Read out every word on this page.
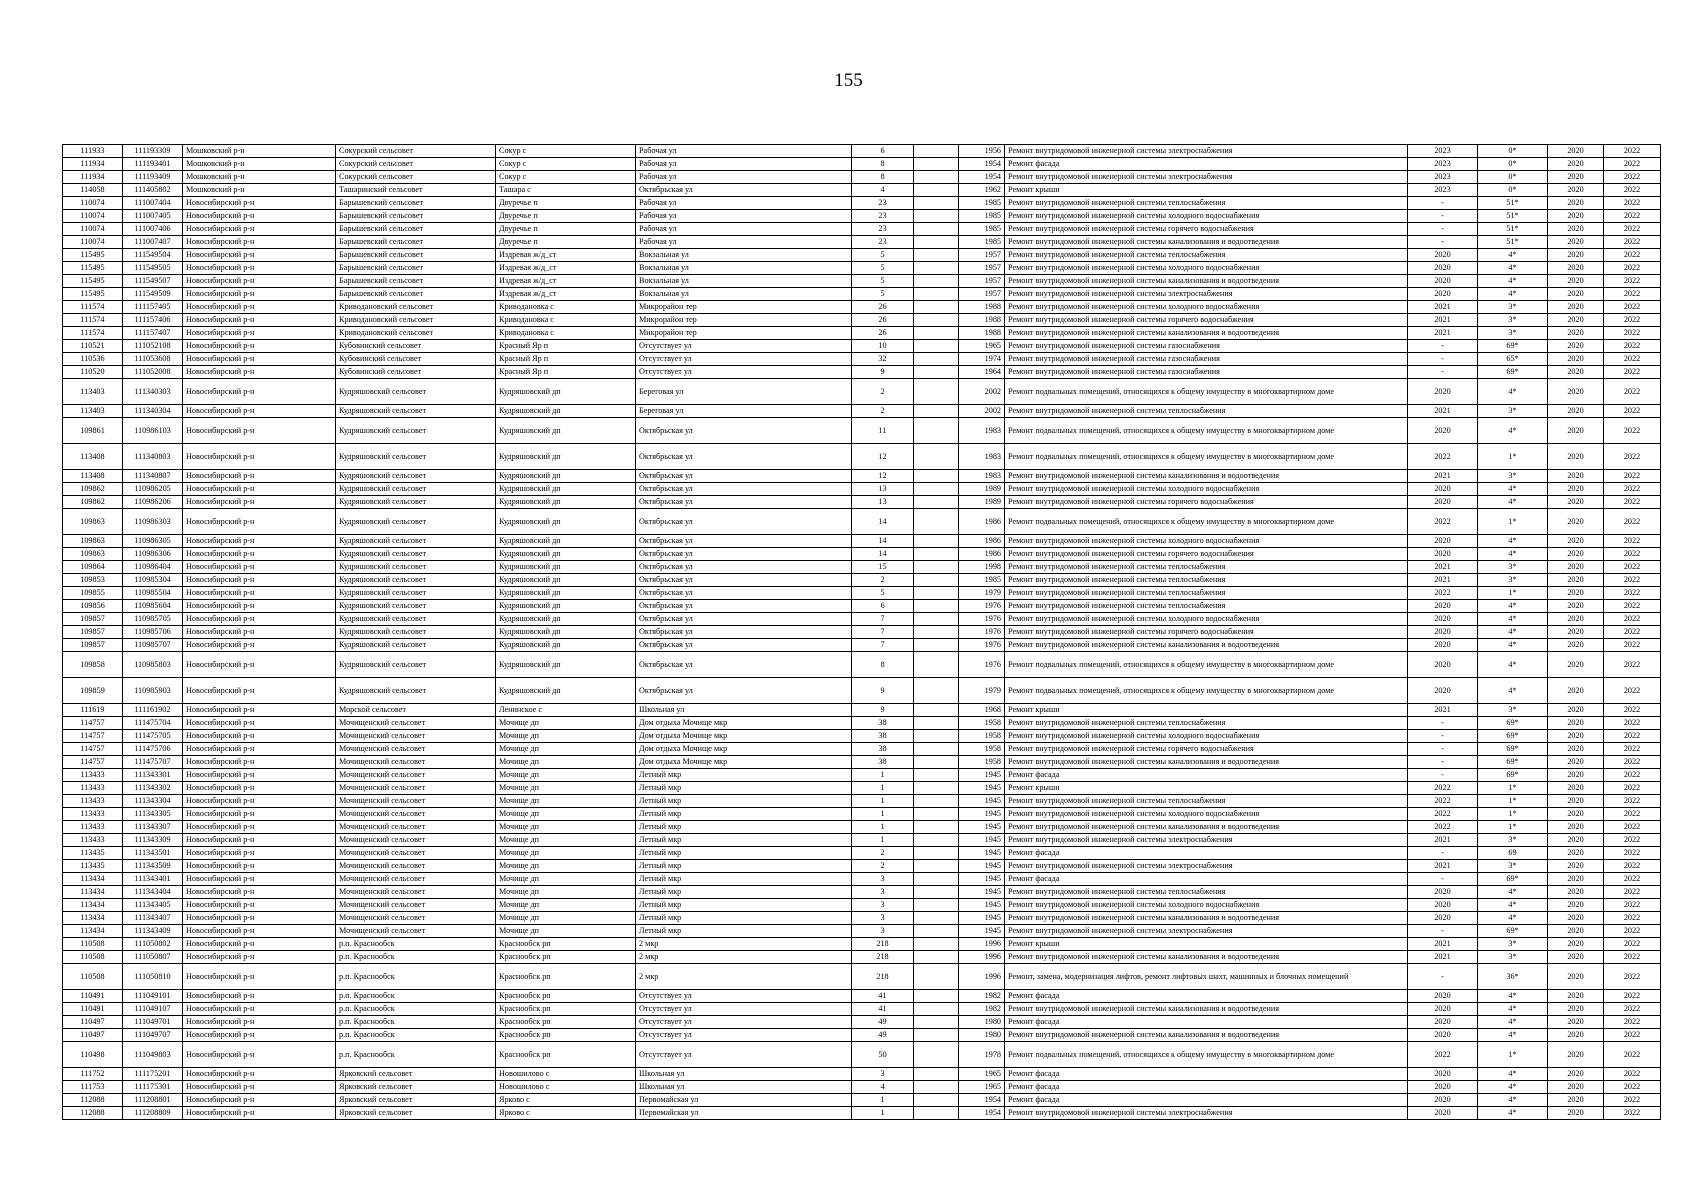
155
111933	111193309	Мошковский р-н	Сокурский сельсовет	Сокур с	Рабочая ул	6		1956	Ремонт внутридомовой инженерной системы электроснабжения	2023	0*	2020	2022
111934	111193401	Мошковский р-н	Сокурский сельсовет	Сокур с	Рабочая ул	8		1954	Ремонт фасада	2023	0*	2020	2022
111934	111193409	Мошковский р-н	Сокурский сельсовет	Сокур с	Рабочая ул	8		1954	Ремонт внутридомовой инженерной системы электроснабжения	2023	0*	2020	2022
114058	111405802	Мошковский р-н	Ташаринский сельсовет	Ташара с	Октябрьская ул	4		1962	Ремонт крыши	2023	0*	2020	2022
110074	111007404	Новосибирский р-н	Барышевский сельсовет	Двуречье п	Рабочая ул	23		1985	Ремонт внутридомовой инженерной системы теплоснабжения	-	51*	2020	2022
110074	111007405	Новосибирский р-н	Барышевский сельсовет	Двуречье п	Рабочая ул	23		1985	Ремонт внутридомовой инженерной системы холодного водоснабжения	-	51*	2020	2022
110074	111007406	Новосибирский р-н	Барышевский сельсовет	Двуречье п	Рабочая ул	23		1985	Ремонт внутридомовой инженерной системы горячего водоснабжения	-	51*	2020	2022
110074	111007407	Новосибирский р-н	Барышевский сельсовет	Двуречье п	Рабочая ул	23		1985	Ремонт внутридомовой инженерной системы канализования и водоотведения	-	51*	2020	2022
115495	111549504	Новосибирский р-н	Барышевский сельсовет	Издревая ж/д_ст	Вокзальная ул	5		1957	Ремонт внутридомовой инженерной системы теплоснабжения	2020	4*	2020	2022
115495	111549505	Новосибирский р-н	Барышевский сельсовет	Издревая ж/д_ст	Вокзальная ул	5		1957	Ремонт внутридомовой инженерной системы холодного водоснабжения	2020	4*	2020	2022
115495	111549507	Новосибирский р-н	Барышевский сельсовет	Издревая ж/д_ст	Вокзальная ул	5		1957	Ремонт внутридомовой инженерной системы канализования и водоотведения	2020	4*	2020	2022
115495	111549509	Новосибирский р-н	Барышевский сельсовет	Издревая ж/д_ст	Вокзальная ул	5		1957	Ремонт внутридомовой инженерной системы электроснабжения	2020	4*	2020	2022
111574	111157405	Новосибирский р-н	Криводановский сельсовет	Криводановка с	Микрорайон тер	26		1988	Ремонт внутридомовой инженерной системы холодного водоснабжения	2021	3*	2020	2022
111574	111157406	Новосибирский р-н	Криводановский сельсовет	Криводановка с	Микрорайон тер	26		1988	Ремонт внутридомовой инженерной системы горячего водоснабжения	2021	3*	2020	2022
111574	111157407	Новосибирский р-н	Криводановский сельсовет	Криводановка с	Микрорайон тер	26		1988	Ремонт внутридомовой инженерной системы канализования и водоотведения	2021	3*	2020	2022
110521	111052108	Новосибирский р-н	Кубовинский сельсовет	Красный Яр п	Отсутствует ул	10		1965	Ремонт внутридомовой инженерной системы газоснабжения	-	69*	2020	2022
110536	111053608	Новосибирский р-н	Кубовинский сельсовет	Красный Яр п	Отсутствует ул	32		1974	Ремонт внутридомовой инженерной системы газоснабжения	-	65*	2020	2022
110520	111052008	Новосибирский р-н	Кубовинский сельсовет	Красный Яр п	Отсутствует ул	9		1964	Ремонт внутридомовой инженерной системы газоснабжения	-	69*	2020	2022
113403	111340303	Новосибирский р-н	Кудряшовский сельсовет	Кудряшовский дп	Береговая ул	2		2002	Ремонт подвальных помещений, относящихся к общему имуществу в многоквартирном доме	2020	4*	2020	2022
113403	111340304	Новосибирский р-н	Кудряшовский сельсовет	Кудряшовский дп	Береговая ул	2		2002	Ремонт внутридомовой инженерной системы теплоснабжения	2021	3*	2020	2022
109861	110986103	Новосибирский р-н	Кудряшовский сельсовет	Кудряшовский дп	Октябрьская ул	11		1983	Ремонт подвальных помещений, относящихся к общему имуществу в многоквартирном доме	2020	4*	2020	2022
113408	111340803	Новосибирский р-н	Кудряшовский сельсовет	Кудряшовский дп	Октябрьская ул	12		1983	Ремонт подвальных помещений, относящихся к общему имуществу в многоквартирном доме	2022	1*	2020	2022
113408	111340807	Новосибирский р-н	Кудряшовский сельсовет	Кудряшовский дп	Октябрьская ул	12		1983	Ремонт внутридомовой инженерной системы канализования и водоотведения	2021	3*	2020	2022
109862	110986205	Новосибирский р-н	Кудряшовский сельсовет	Кудряшовский дп	Октябрьская ул	13		1989	Ремонт внутридомовой инженерной системы холодного водоснабжения	2020	4*	2020	2022
109862	110986206	Новосибирский р-н	Кудряшовский сельсовет	Кудряшовский дп	Октябрьская ул	13		1989	Ремонт внутридомовой инженерной системы горячего водоснабжения	2020	4*	2020	2022
109863	110986303	Новосибирский р-н	Кудряшовский сельсовет	Кудряшовский дп	Октябрьская ул	14		1986	Ремонт подвальных помещений, относящихся к общему имуществу в многоквартирном доме	2022	1*	2020	2022
109863	110986305	Новосибирский р-н	Кудряшовский сельсовет	Кудряшовский дп	Октябрьская ул	14		1986	Ремонт внутридомовой инженерной системы холодного водоснабжения	2020	4*	2020	2022
109863	110986306	Новосибирский р-н	Кудряшовский сельсовет	Кудряшовский дп	Октябрьская ул	14		1986	Ремонт внутридомовой инженерной системы горячего водоснабжения	2020	4*	2020	2022
109864	110986404	Новосибирский р-н	Кудряшовский сельсовет	Кудряшовский дп	Октябрьская ул	15		1998	Ремонт внутридомовой инженерной системы теплоснабжения	2021	3*	2020	2022
109853	110985304	Новосибирский р-н	Кудряшовский сельсовет	Кудряшовский дп	Октябрьская ул	2		1985	Ремонт внутридомовой инженерной системы теплоснабжения	2021	3*	2020	2022
109855	110985504	Новосибирский р-н	Кудряшовский сельсовет	Кудряшовский дп	Октябрьская ул	5		1979	Ремонт внутридомовой инженерной системы теплоснабжения	2022	1*	2020	2022
109856	110985604	Новосибирский р-н	Кудряшовский сельсовет	Кудряшовский дп	Октябрьская ул	6		1976	Ремонт внутридомовой инженерной системы теплоснабжения	2020	4*	2020	2022
109857	110985705	Новосибирский р-н	Кудряшовский сельсовет	Кудряшовский дп	Октябрьская ул	7		1976	Ремонт внутридомовой инженерной системы холодного водоснабжения	2020	4*	2020	2022
109857	110985706	Новосибирский р-н	Кудряшовский сельсовет	Кудряшовский дп	Октябрьская ул	7		1976	Ремонт внутридомовой инженерной системы горячего водоснабжения	2020	4*	2020	2022
109857	110985707	Новосибирский р-н	Кудряшовский сельсовет	Кудряшовский дп	Октябрьская ул	7		1976	Ремонт внутридомовой инженерной системы канализования и водоотведения	2020	4*	2020	2022
109858	110985803	Новосибирский р-н	Кудряшовский сельсовет	Кудряшовский дп	Октябрьская ул	8		1976	Ремонт подвальных помещений, относящихся к общему имуществу в многоквартирном доме	2020	4*	2020	2022
109859	110985903	Новосибирский р-н	Кудряшовский сельсовет	Кудряшовский дп	Октябрьская ул	9		1979	Ремонт подвальных помещений, относящихся к общему имуществу в многоквартирном доме	2020	4*	2020	2022
111619	111161902	Новосибирский р-н	Морской сельсовет	Ленинское с	Школьная ул	9		1968	Ремонт крыши	2021	3*	2020	2022
114757	111475704	Новосибирский р-н	Мочищенский сельсовет	Мочище дп	Дом отдыха Мочище мкр	38		1958	Ремонт внутридомовой инженерной системы теплоснабжения	-	69*	2020	2022
114757	111475705	Новосибирский р-н	Мочищенский сельсовет	Мочище дп	Дом отдыха Мочище мкр	38		1958	Ремонт внутридомовой инженерной системы холодного водоснабжения	-	69*	2020	2022
114757	111475706	Новосибирский р-н	Мочищенский сельсовет	Мочище дп	Дом отдыха Мочище мкр	38		1958	Ремонт внутридомовой инженерной системы горячего водоснабжения	-	69*	2020	2022
114757	111475707	Новосибирский р-н	Мочищенский сельсовет	Мочище дп	Дом отдыха Мочище мкр	38		1958	Ремонт внутридомовой инженерной системы канализования и водоотведения	-	69*	2020	2022
113433	111343301	Новосибирский р-н	Мочищенский сельсовет	Мочище дп	Летный мкр	1		1945	Ремонт фасада	-	69*	2020	2022
113433	111343302	Новосибирский р-н	Мочищенский сельсовет	Мочище дп	Летный мкр	1		1945	Ремонт крыши	2022	1*	2020	2022
113433	111343304	Новосибирский р-н	Мочищенский сельсовет	Мочище дп	Летный мкр	1		1945	Ремонт внутридомовой инженерной системы теплоснабжения	2022	1*	2020	2022
113433	111343305	Новосибирский р-н	Мочищенский сельсовет	Мочище дп	Летный мкр	1		1945	Ремонт внутридомовой инженерной системы холодного водоснабжения	2022	1*	2020	2022
113433	111343307	Новосибирский р-н	Мочищенский сельсовет	Мочище дп	Летный мкр	1		1945	Ремонт внутридомовой инженерной системы канализования и водоотведения	2022	1*	2020	2022
113433	111343309	Новосибирский р-н	Мочищенский сельсовет	Мочище дп	Летный мкр	1		1945	Ремонт внутридомовой инженерной системы электроснабжения	2021	3*	2020	2022
113435	111343501	Новосибирский р-н	Мочищенский сельсовет	Мочище дп	Летный мкр	2		1945	Ремонт фасада	-	69	2020	2022
113435	111343509	Новосибирский р-н	Мочищенский сельсовет	Мочище дп	Летный мкр	2		1945	Ремонт внутридомовой инженерной системы электроснабжения	2021	3*	2020	2022
113434	111343401	Новосибирский р-н	Мочищенский сельсовет	Мочище дп	Летный мкр	3		1945	Ремонт фасада	-	69*	2020	2022
113434	111343404	Новосибирский р-н	Мочищенский сельсовет	Мочище дп	Летный мкр	3		1945	Ремонт внутридомовой инженерной системы теплоснабжения	2020	4*	2020	2022
113434	111343405	Новосибирский р-н	Мочищенский сельсовет	Мочище дп	Летный мкр	3		1945	Ремонт внутридомовой инженерной системы холодного водоснабжения	2020	4*	2020	2022
113434	111343407	Новосибирский р-н	Мочищенский сельсовет	Мочище дп	Летный мкр	3		1945	Ремонт внутридомовой инженерной системы канализования и водоотведения	2020	4*	2020	2022
113434	111343409	Новосибирский р-н	Мочищенский сельсовет	Мочище дп	Летный мкр	3		1945	Ремонт внутридомовой инженерной системы электроснабжения	-	69*	2020	2022
110508	111050802	Новосибирский р-н	р.п. Краснообск	Краснообск рп	2 мкр	218		1996	Ремонт крыши	2021	3*	2020	2022
110508	111050807	Новосибирский р-н	р.п. Краснообск	Краснообск рп	2 мкр	218		1996	Ремонт внутридомовой инженерной системы канализования и водоотведения	2021	3*	2020	2022
110508	111050810	Новосибирский р-н	р.п. Краснообск	Краснообск рп	2 мкр	218		1996	Ремонт, замена, модернизация лифтов, ремонт лифтовых шахт, машинных и блочных помещений	-	36*	2020	2022
110491	111049101	Новосибирский р-н	р.п. Краснообск	Краснообск рп	Отсутствует ул	41		1982	Ремонт фасада	2020	4*	2020	2022
110491	111049107	Новосибирский р-н	р.п. Краснообск	Краснообск рп	Отсутствует ул	41		1982	Ремонт внутридомовой инженерной системы канализования и водоотведения	2020	4*	2020	2022
110497	111049701	Новосибирский р-н	р.п. Краснообск	Краснообск рп	Отсутствует ул	49		1980	Ремонт фасада	2020	4*	2020	2022
110497	111049707	Новосибирский р-н	р.п. Краснообск	Краснообск рп	Отсутствует ул	49		1980	Ремонт внутридомовой инженерной системы канализования и водоотведения	2020	4*	2020	2022
110498	111049803	Новосибирский р-н	р.п. Краснообск	Краснообск рп	Отсутствует ул	50		1978	Ремонт подвальных помещений, относящихся к общему имуществу в многоквартирном доме	2022	1*	2020	2022
111752	111175201	Новосибирский р-н	Ярковский сельсовет	Новошилово с	Школьная ул	3		1965	Ремонт фасада	2020	4*	2020	2022
111753	111175301	Новосибирский р-н	Ярковский сельсовет	Новошилово с	Школьная ул	4		1965	Ремонт фасада	2020	4*	2020	2022
112088	111208801	Новосибирский р-н	Ярковский сельсовет	Ярково с	Первомайская ул	1		1954	Ремонт фасада	2020	4*	2020	2022
112088	111208809	Новосибирский р-н	Ярковский сельсовет	Ярково с	Первомайская ул	1		1954	Ремонт внутридомовой инженерной системы электроснабжения	2020	4*	2020	2022
